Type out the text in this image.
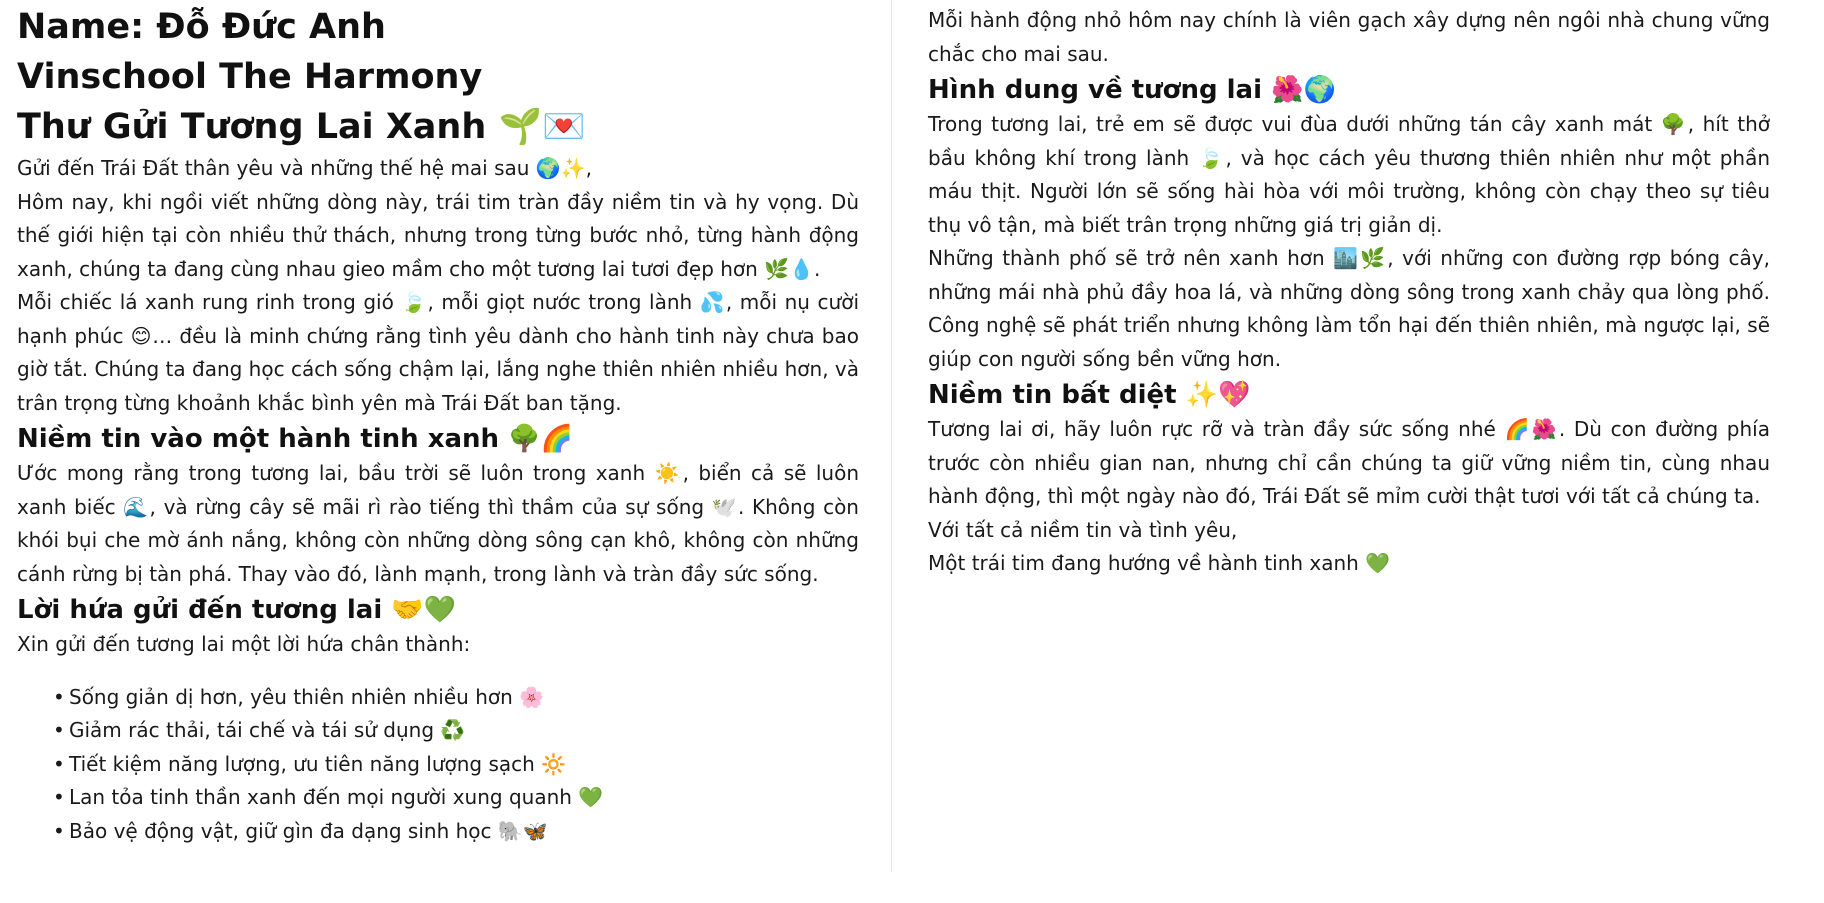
Name: Đỗ Đức Anh
Vinschool The Harmony
Thư Gửi Tương Lai Xanh 🌱💌

Gửi đến Trái Đất thân yêu và những thế hệ mai sau 🌍✨,

Hôm nay, khi ngồi viết những dòng này, trái tim tràn đầy niềm tin và hy vọng. Dù thế giới hiện tại còn nhiều thử thách, nhưng trong từng bước nhỏ, từng hành động xanh, chúng ta đang cùng nhau gieo mầm cho một tương lai tươi đẹp hơn 🌿💧.

Mỗi chiếc lá xanh rung rinh trong gió 🍃, mỗi giọt nước trong lành 💦, mỗi nụ cười hạnh phúc 😊… đều là minh chứng rằng tình yêu dành cho hành tinh này chưa bao giờ tắt. Chúng ta đang học cách sống chậm lại, lắng nghe thiên nhiên nhiều hơn, và trân trọng từng khoảnh khắc bình yên mà Trái Đất ban tặng.

Niềm tin vào một hành tinh xanh 🌳🌈

Ước mong rằng trong tương lai, bầu trời sẽ luôn trong xanh ☀️, biển cả sẽ luôn xanh biếc 🌊, và rừng cây sẽ mãi rì rào tiếng thì thầm của sự sống 🕊️. Không còn khói bụi che mờ ánh nắng, không còn những dòng sông cạn khô, không còn những cánh rừng bị tàn phá. Thay vào đó, lành mạnh, trong lành và tràn đầy sức sống.

Lời hứa gửi đến tương lai 🤝💚

Xin gửi đến tương lai một lời hứa chân thành:

• Sống giản dị hơn, yêu thiên nhiên nhiều hơn 🌸
• Giảm rác thải, tái chế và tái sử dụng ♻️
• Tiết kiệm năng lượng, ưu tiên năng lượng sạch 🔆
• Lan tỏa tinh thần xanh đến mọi người xung quanh 💚
• Bảo vệ động vật, giữ gìn đa dạng sinh học 🐘🦋

Mỗi hành động nhỏ hôm nay chính là viên gạch xây dựng nên ngôi nhà chung vững chắc cho mai sau.

Hình dung về tương lai 🌺🌍

Trong tương lai, trẻ em sẽ được vui đùa dưới những tán cây xanh mát 🌳, hít thở bầu không khí trong lành 🍃, và học cách yêu thương thiên nhiên như một phần máu thịt. Người lớn sẽ sống hài hòa với môi trường, không còn chạy theo sự tiêu thụ vô tận, mà biết trân trọng những giá trị giản dị.

Những thành phố sẽ trở nên xanh hơn 🏙️🌿, với những con đường rợp bóng cây, những mái nhà phủ đầy hoa lá, và những dòng sông trong xanh chảy qua lòng phố. Công nghệ sẽ phát triển nhưng không làm tổn hại đến thiên nhiên, mà ngược lại, sẽ giúp con người sống bền vững hơn.

Niềm tin bất diệt ✨💖

Tương lai ơi, hãy luôn rực rỡ và tràn đầy sức sống nhé 🌈🌺. Dù con đường phía trước còn nhiều gian nan, nhưng chỉ cần chúng ta giữ vững niềm tin, cùng nhau hành động, thì một ngày nào đó, Trái Đất sẽ mỉm cười thật tươi với tất cả chúng ta.

Với tất cả niềm tin và tình yêu,

Một trái tim đang hướng về hành tinh xanh 💚
